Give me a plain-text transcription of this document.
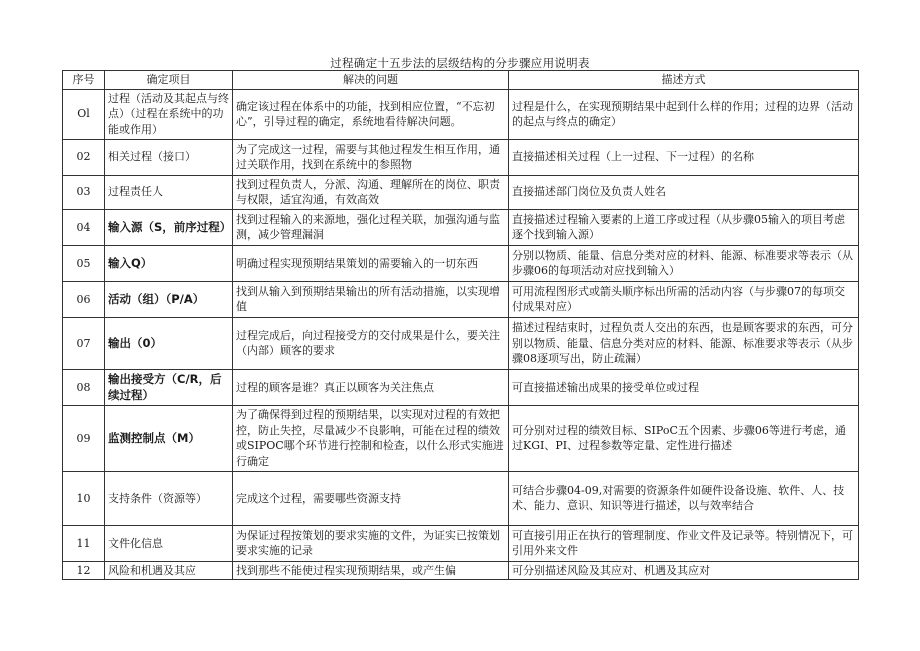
过程确定十五步法的层级结构的分步骤应用说明表
序号	确定项目	解决的问题	描述方式
Ol	过程（活动及其起点与终点）（过程在系统中的功能或作用）	确定该过程在体系中的功能，找到相应位置，“不忘初心”，引导过程的确定，系统地看待解决问题。	过程是什么，在实现预期结果中起到什么样的作用；过程的边界（活动的起点与终点的确定）
02	相关过程（接口）	为了完成这一过程，需要与其他过程发生相互作用，通过关联作用，找到在系统中的参照物	直接描述相关过程（上一过程、下一过程）的名称
03	过程责任人	找到过程负责人，分派、沟通、理解所在的岗位、职责与权限，适宜沟通，有效高效	直接描述部门岗位及负责人姓名
04	输入源（S，前序过程）	找到过程输入的来源地，强化过程关联，加强沟通与监测，减少管理漏洞	直接描述过程输入要素的上道工序或过程（从步骤05输入的项目考虑逐个找到输入源）
05	输入Q）	明确过程实现预期结果策划的需要输入的一切东西	分别以物质、能量、信息分类对应的材料、能源、标准要求等表示（从步骤06的每项活动对应找到输入）
06	活动（组）（P/A）	找到从输入到预期结果输出的所有活动措施，以实现增值	可用流程图形式或箭头顺序标出所需的活动内容（与步骤07的每项交付成果对应）
07	输出（0）	过程完成后，向过程接受方的交付成果是什么，要关注（内部）顾客的要求	描述过程结束时，过程负责人交出的东西，也是顾客要求的东西，可分别以物质、能量、信息分类对应的材料、能源、标准要求等表示（从步骤08逐项写出，防止疏漏）
08	输出接受方（C/R，后续过程）	过程的顾客是谁？真正以顾客为关注焦点	可直接描述输出成果的接受单位或过程
09	监测控制点（M）	为了确保得到过程的预期结果，以实现对过程的有效把控，防止失控，尽量减少不良影响，可能在过程的绩效或SIPOC哪个环节进行控制和检查，以什么形式实施进行确定	可分别对过程的绩效目标、SIPoC五个因素、步骤06等进行考虑，通过KGI、PI、过程参数等定量、定性进行描述
10	支持条件（资源等）	完成这个过程，需要哪些资源支持	可结合步骤04-09,对需要的资源条件如硬件设备设施、软件、人、技术、能力、意识、知识等进行描述，以与效率结合
11	文件化信息	为保证过程按策划的要求实施的文件，为证实已按策划要求实施的记录	可直接引用正在执行的管理制度、作业文件及记录等。特别情况下，可引用外来文件
12	风险和机遇及其应	找到那些不能使过程实现预期结果，或产生偏	可分别描述风险及其应对、机遇及其应对
